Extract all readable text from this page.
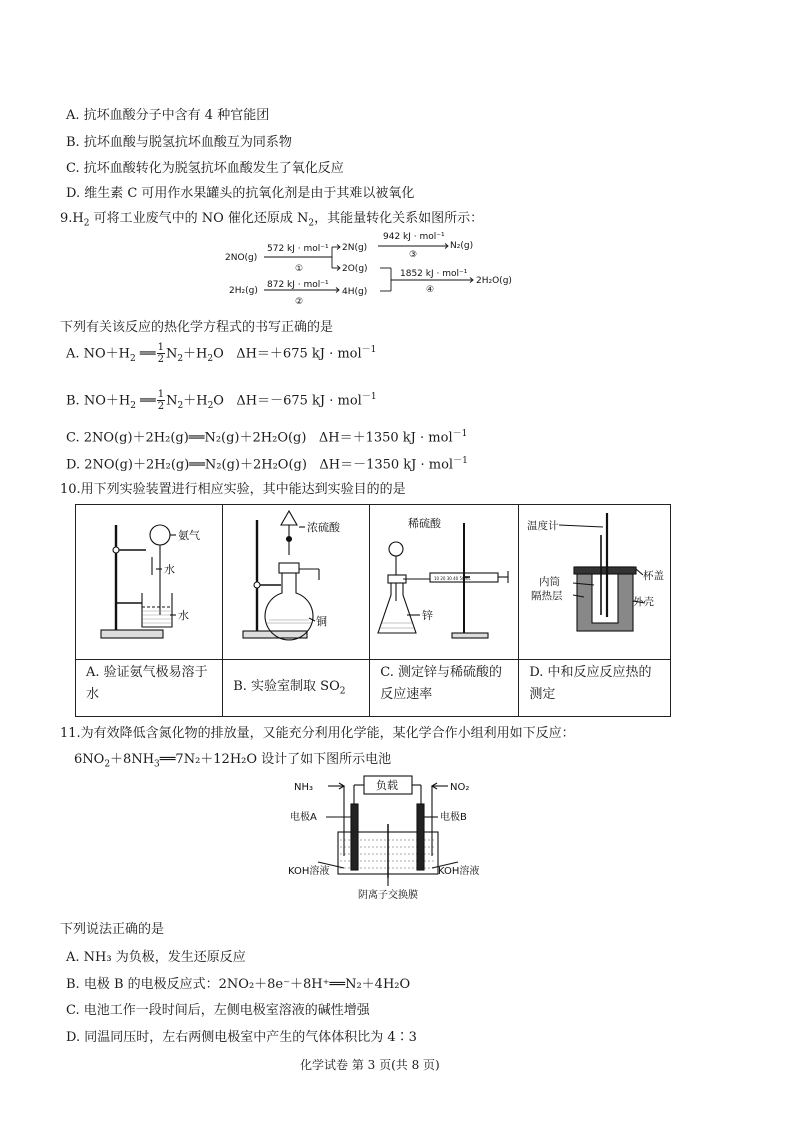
A. 抗坏血酸分子中含有 4 种官能团
B. 抗坏血酸与脱氢抗坏血酸互为同系物
C. 抗坏血酸转化为脱氢抗坏血酸发生了氧化反应
D. 维生素 C 可用作水果罐头的抗氧化剂是由于其难以被氧化
$9.H_2$ 可将工业废气中的 NO 催化还原成 $N_2$，其能量转化关系如图所示：
2NO(g)
2H₂(g)
572 kJ · mol⁻¹
①
872 kJ · mol⁻¹
②
2N(g)
2O(g)
4H(g)
942 kJ · mol⁻¹
③
N₂(g)
1852 kJ · mol⁻¹
④
2H₂O(g)
下列有关该反应的热化学方程式的书写正确的是
A. $NO+H_2$ ══ $\frac{1}{2} N_2+H_2O$ ΔH＝＋675 kJ · mol$^{-1}$
B. $NO+H_2$ ══ $\frac{1}{2} N_2+H_2O$ ΔH＝－675 kJ · mol$^{-1}$
C. 2NO(g)＋2H₂(g)══N₂(g)＋2H₂O(g) ΔH＝＋1350 kJ · mol$^{-1}$
D. 2NO(g)＋2H₂(g)══N₂(g)＋2H₂O(g) ΔH＝－1350 kJ · mol$^{-1}$
10.用下列实验装置进行相应实验，其中能达到实验目的的是
氨气
水
水	浓硫酸
铜	10 20 30 40 50mL
稀硫酸
锌	温度计
内筒
隔热层
杯盖
外壳

A. 验证氨气极易溶于水	B. 实验室制取 $SO_2$	C. 测定锌与稀硫酸的反应速率	D. 中和反应反应热的测定
11.为有效降低含氮化物的排放量，又能充分利用化学能，某化学合作小组利用如下反应：
$6NO_2+8NH_3══7N_2+12H_2O$ 设计了如下图所示电池
NH₃	NO₂
负载
电极A	电极B
KOH溶液	KOH溶液
阴离子交换膜
下列说法正确的是
A. NH₃ 为负极，发生还原反应
B. 电极 B 的电极反应式：2NO₂＋8e⁻＋8H⁺══N₂＋4H₂O
C. 电池工作一段时间后，左侧电极室溶液的碱性增强
D. 同温同压时，左右两侧电极室中产生的气体体积比为 4∶3
化学试卷 第 3 页(共 8 页)
